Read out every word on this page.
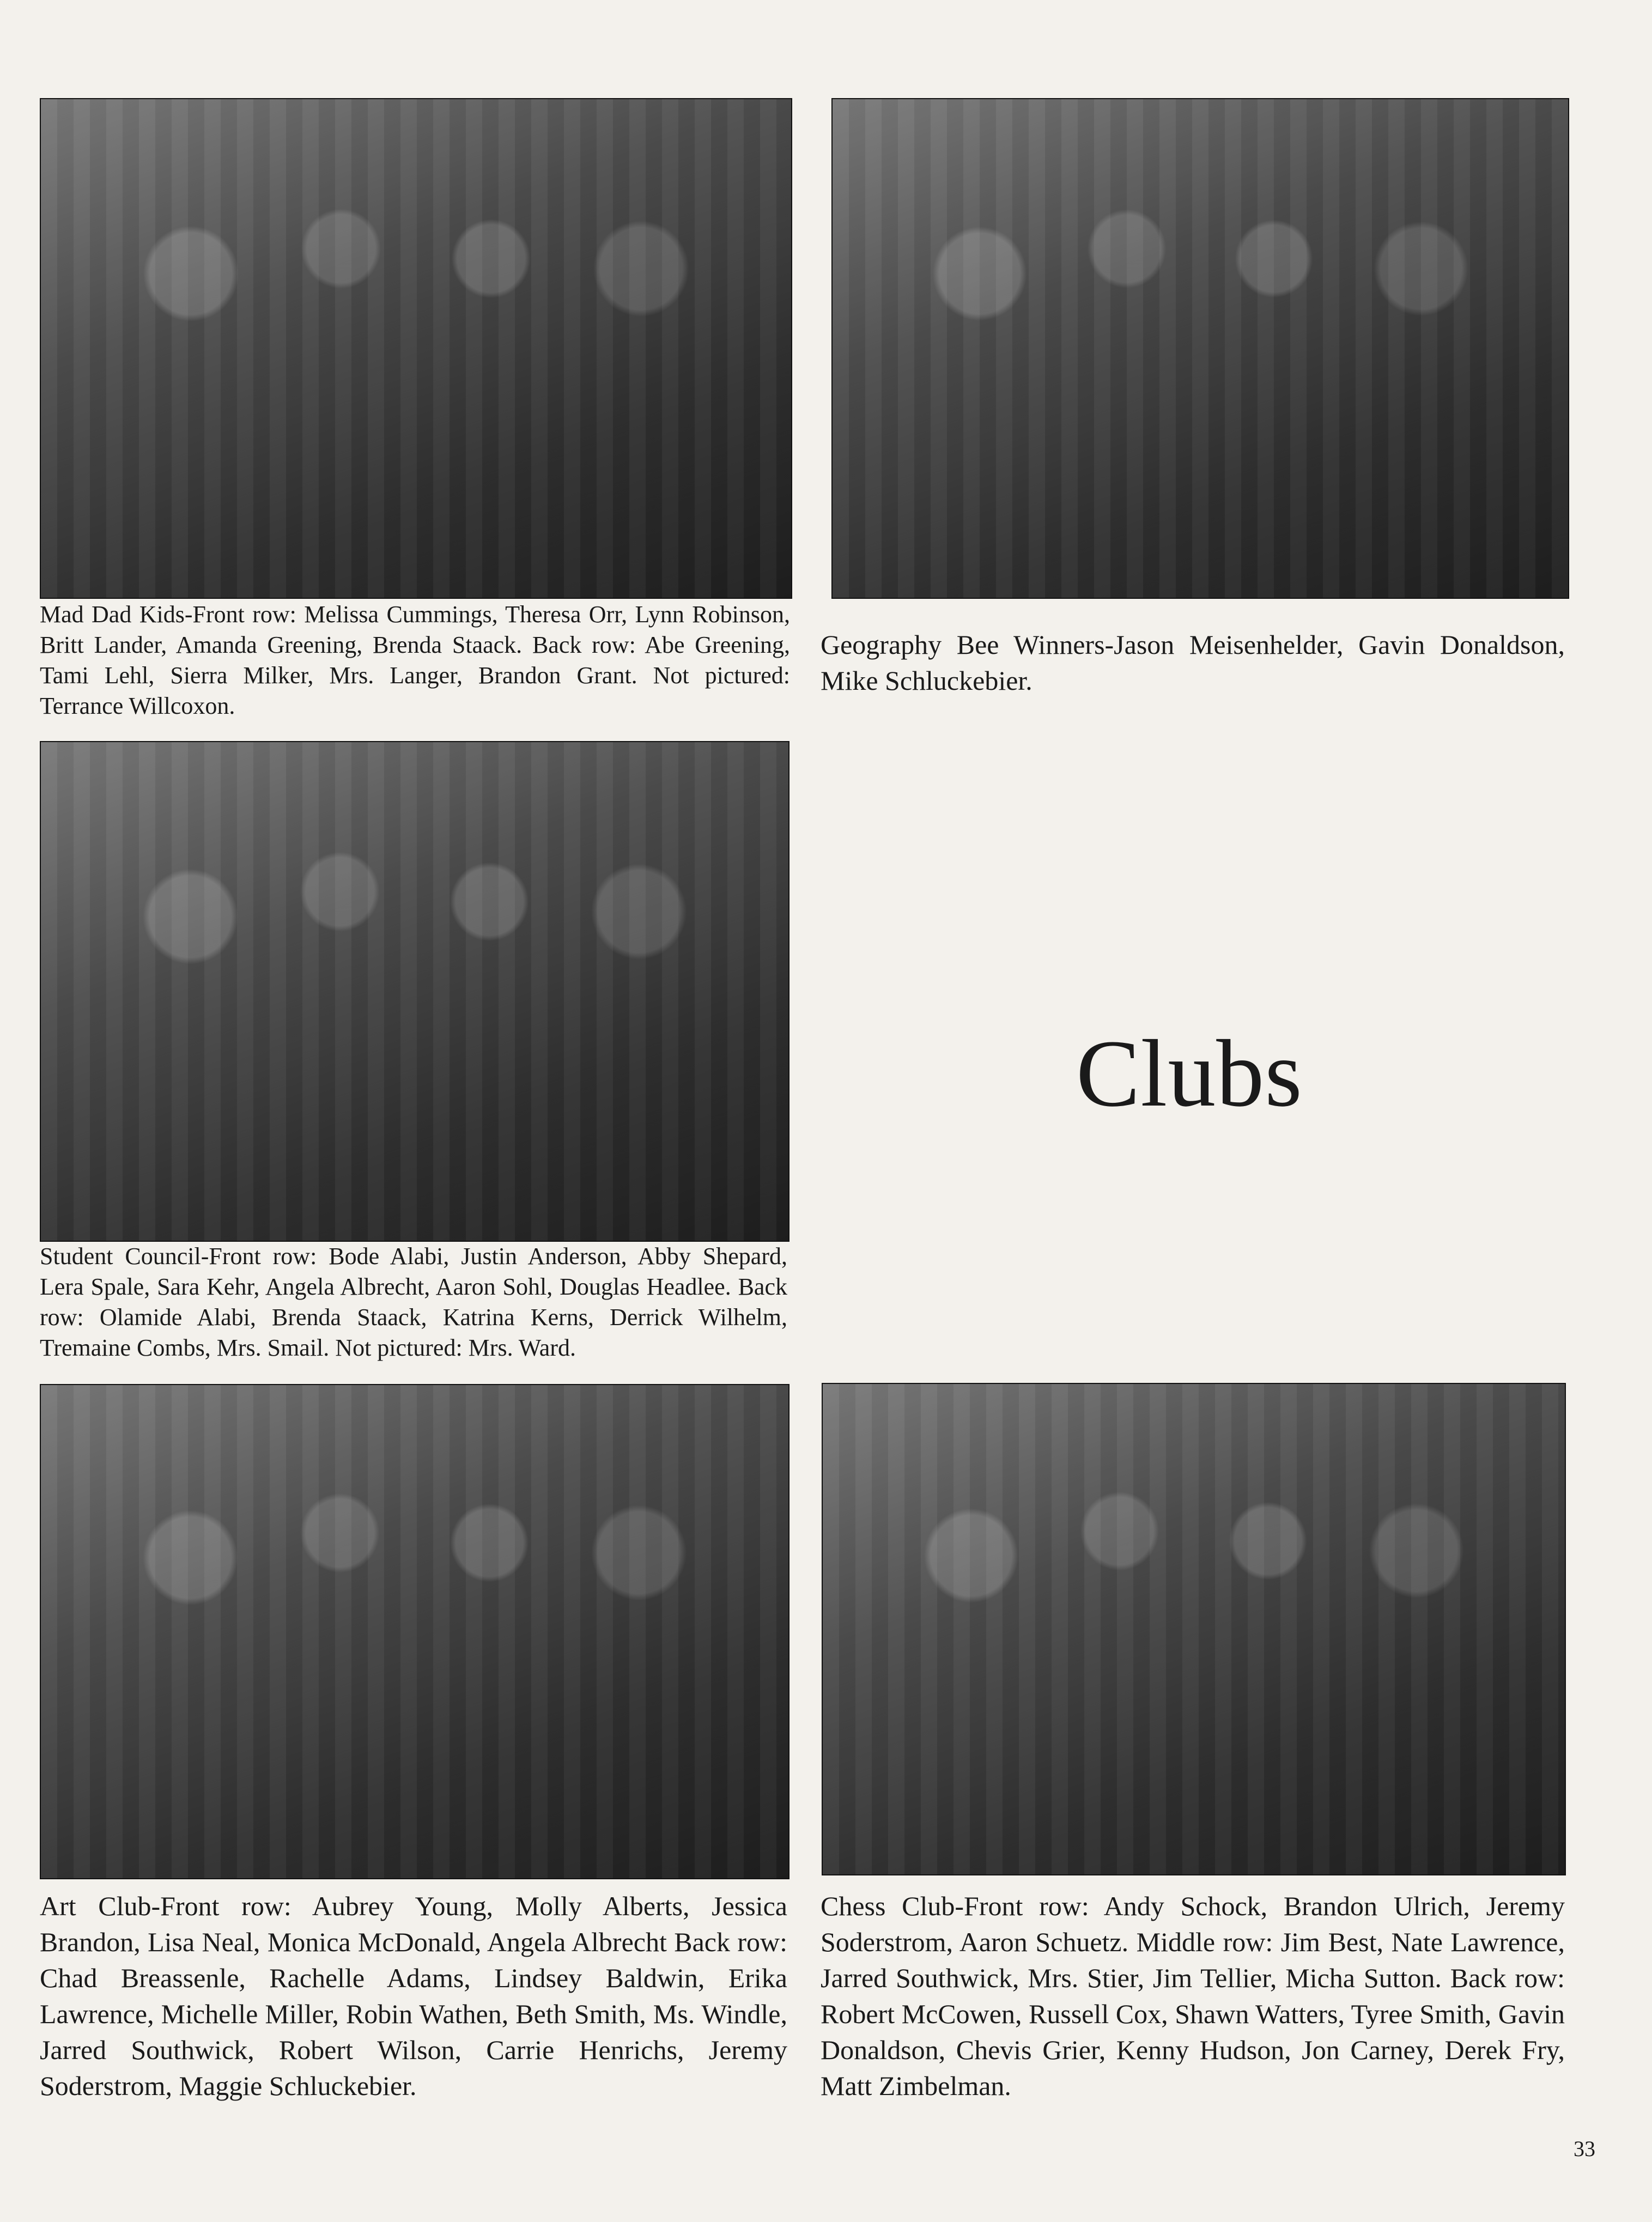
Mad Dad Kids-Front row: Melissa Cummings, Theresa Orr, Lynn Robinson, Britt Lander, Amanda Greening, Brenda Staack. Back row: Abe Greening, Tami Lehl, Sierra Milker, Mrs. Langer, Brandon Grant. Not pictured: Terrance Willcoxon.

Geography Bee Winners-Jason Meisenhelder, Gavin Donaldson, Mike Schluckebier.

Student Council-Front row: Bode Alabi, Justin Anderson, Abby Shepard, Lera Spale, Sara Kehr, Angela Albrecht, Aaron Sohl, Douglas Headlee. Back row: Olamide Alabi, Brenda Staack, Katrina Kerns, Derrick Wilhelm, Tremaine Combs, Mrs. Smail. Not pictured: Mrs. Ward.

Clubs

Art Club-Front row: Aubrey Young, Molly Alberts, Jessica Brandon, Lisa Neal, Monica McDonald, Angela Albrecht Back row: Chad Breassenle, Rachelle Adams, Lindsey Baldwin, Erika Lawrence, Michelle Miller, Robin Wathen, Beth Smith, Ms. Windle, Jarred Southwick, Robert Wilson, Carrie Henrichs, Jeremy Soderstrom, Maggie Schluckebier.

Chess Club-Front row: Andy Schock, Brandon Ulrich, Jeremy Soderstrom, Aaron Schuetz. Middle row: Jim Best, Nate Lawrence, Jarred Southwick, Mrs. Stier, Jim Tellier, Micha Sutton. Back row: Robert McCowen, Russell Cox, Shawn Watters, Tyree Smith, Gavin Donaldson, Chevis Grier, Kenny Hudson, Jon Carney, Derek Fry, Matt Zimbelman.

33
